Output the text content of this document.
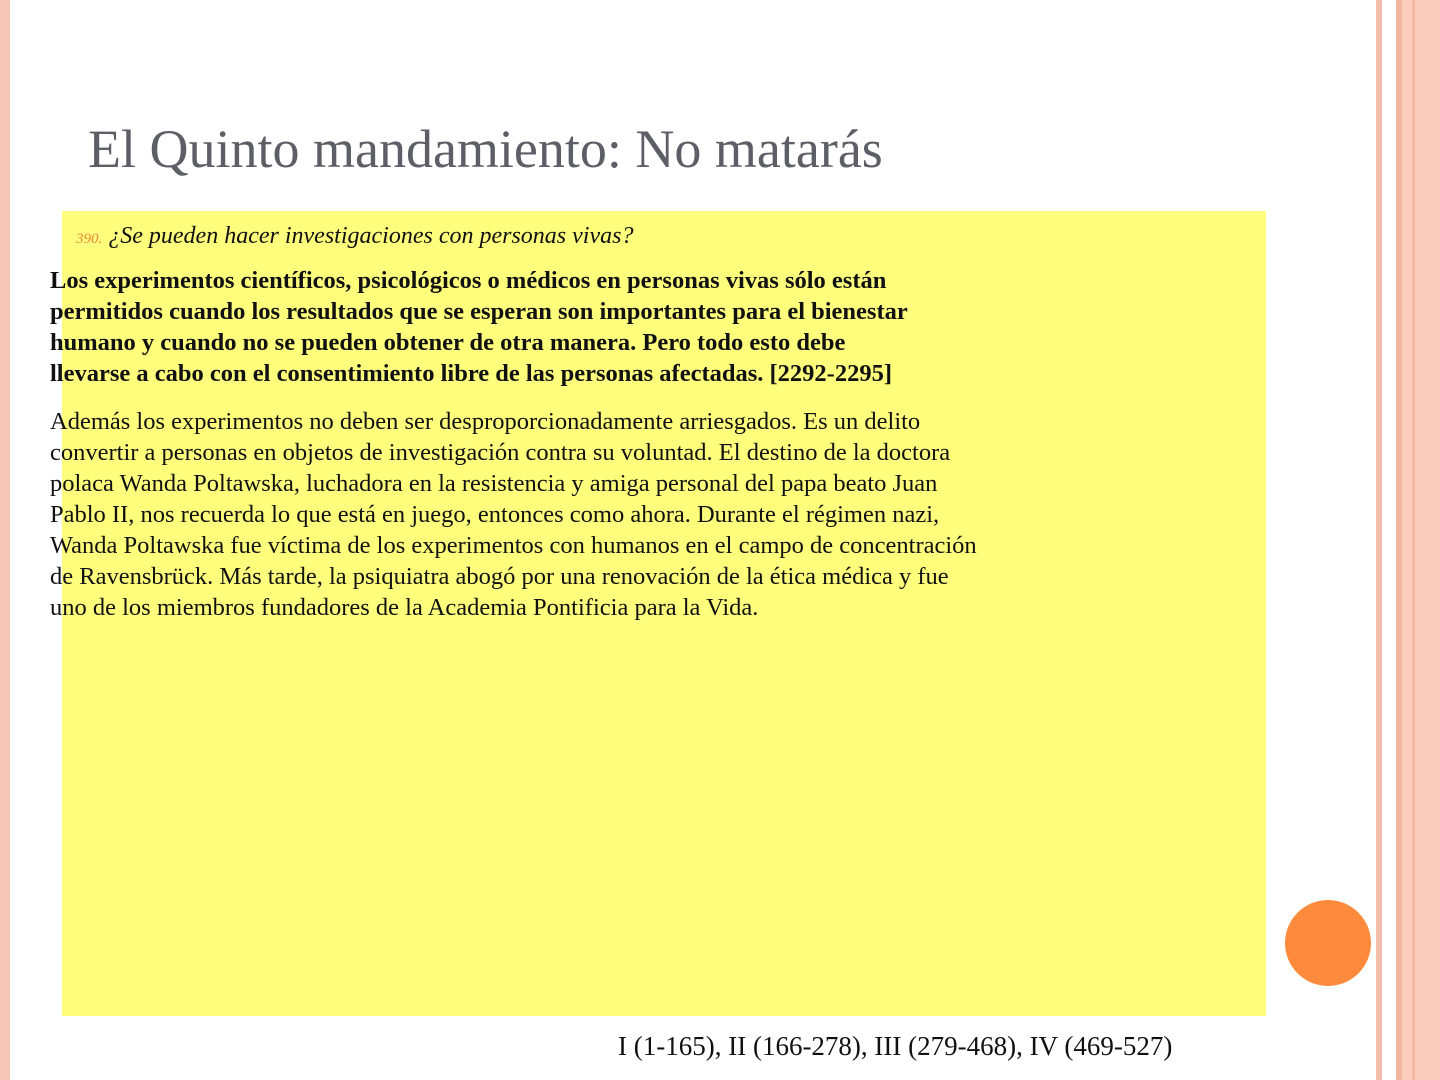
El Quinto mandamiento: No matarás
390. ¿Se pueden hacer investigaciones con personas vivas?

Los experimentos científicos, psicológicos o médicos en personas vivas sólo están
permitidos cuando los resultados que se esperan son importantes para el bienestar
humano y cuando no se pueden obtener de otra manera. Pero todo esto debe
llevarse a cabo con el consentimiento libre de las personas afectadas. [2292-2295]

Además los experimentos no deben ser desproporcionadamente arriesgados. Es un delito
convertir a personas en objetos de investigación contra su voluntad. El destino de la doctora
polaca Wanda Poltawska, luchadora en la resistencia y amiga personal del papa beato Juan
Pablo II, nos recuerda lo que está en juego, entonces como ahora. Durante el régimen nazi,
Wanda Poltawska fue víctima de los experimentos con humanos en el campo de concentración
de Ravensbrück. Más tarde, la psiquiatra abogó por una renovación de la ética médica y fue
uno de los miembros fundadores de la Academia Pontificia para la Vida.

I (1-165), II (166-278), III (279-468), IV (469-527)
